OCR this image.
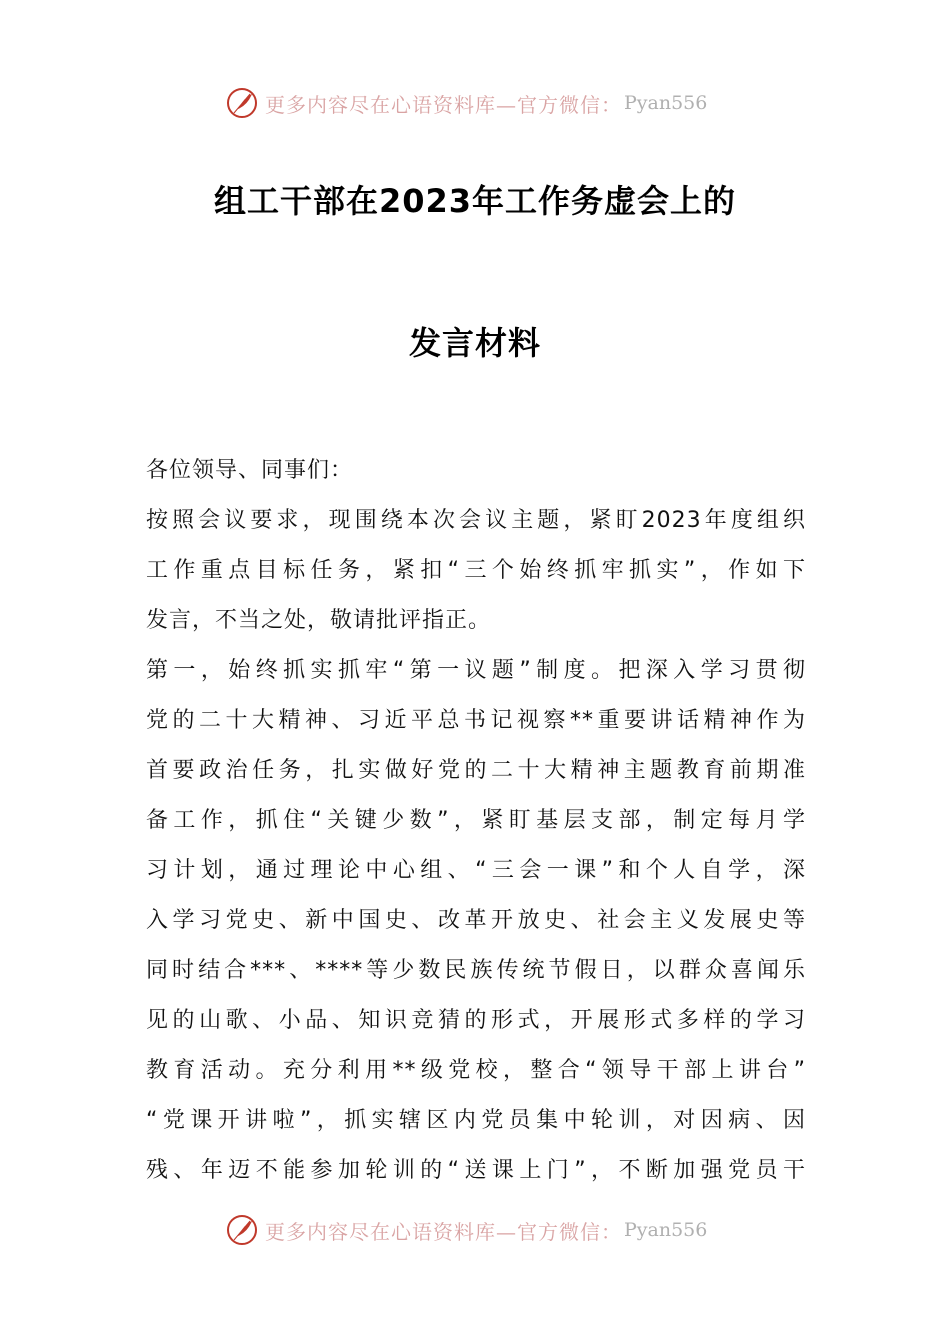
更多内容尽在心语资料库—官方微信： Pyan556
组工干部在2023年工作务虚会上的
发言材料
各位领导、同事们：
按照会议要求，现围绕本次会议主题，紧盯2023年度组织
工作重点目标任务，紧扣“三个始终抓牢抓实”，作如下
发言，不当之处，敬请批评指正。
第一，始终抓实抓牢“第一议题”制度。把深入学习贯彻
党的二十大精神、习近平总书记视察**重要讲话精神作为
首要政治任务，扎实做好党的二十大精神主题教育前期准
备工作，抓住“关键少数”，紧盯基层支部，制定每月学
习计划，通过理论中心组、“三会一课”和个人自学，深
入学习党史、新中国史、改革开放史、社会主义发展史等
同时结合***、****等少数民族传统节假日，以群众喜闻乐
见的山歌、小品、知识竞猜的形式，开展形式多样的学习
教育活动。充分利用**级党校，整合“领导干部上讲台”
“党课开讲啦”，抓实辖区内党员集中轮训，对因病、因
残、年迈不能参加轮训的“送课上门”，不断加强党员干
更多内容尽在心语资料库—官方微信： Pyan556
